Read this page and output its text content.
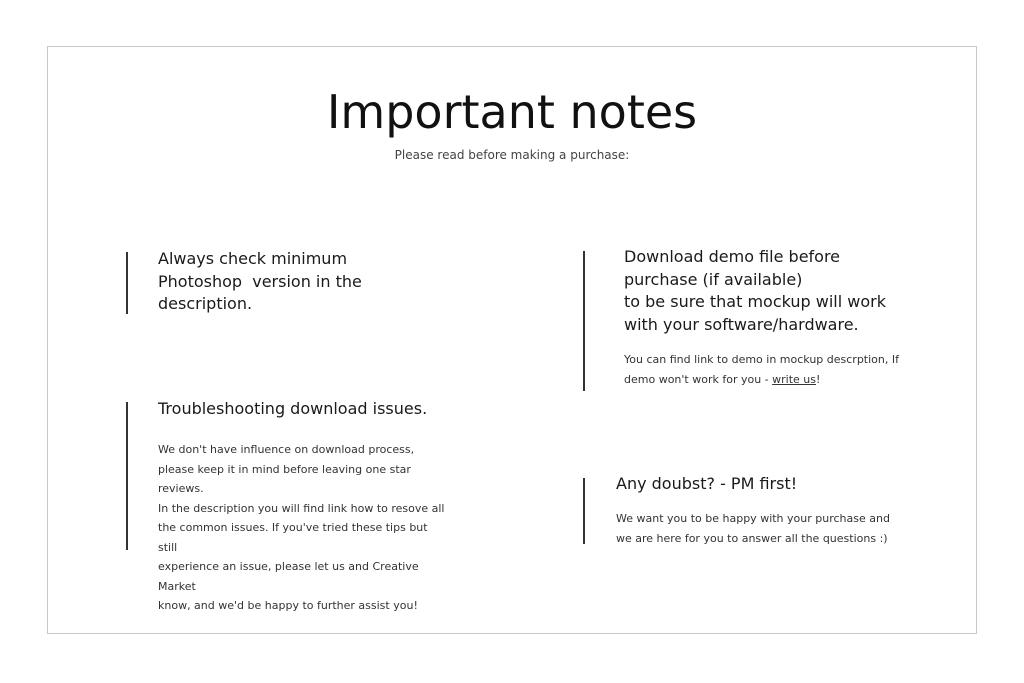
Important notes
Please read before making a purchase:
Always check minimum
Photoshop  version in the
description.
Download demo file before
purchase (if available)
to be sure that mockup will work
with your software/hardware.

You can find link to demo in mockup descrption, If
demo won't work for you - write us!

Troubleshooting download issues.

We don't have influence on download process,
please keep it in mind before leaving one star reviews.
In the description you will find link how to resove all
the common issues. If you've tried these tips but still
experience an issue, please let us and Creative Market
know, and we'd be happy to further assist you!

Any doubst? - PM first!

We want you to be happy with your purchase and
we are here for you to answer all the questions :)
